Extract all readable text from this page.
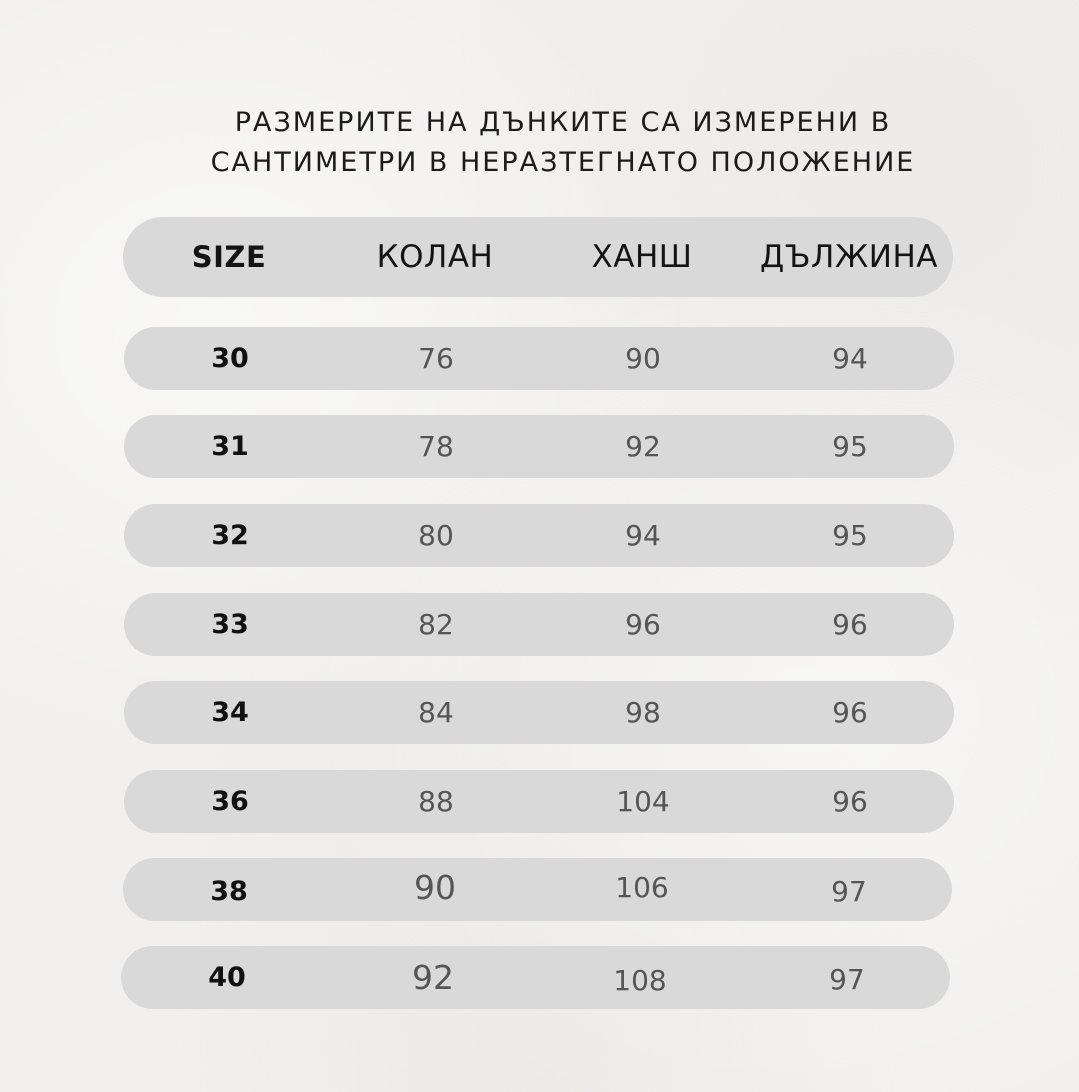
РАЗМЕРИТЕ НА ДЪНКИТЕ СА ИЗМЕРЕНИ В
САНТИМЕТРИ В НЕРАЗТЕГНАТО ПОЛОЖЕНИЕ
SIZE	КОЛАН	ХАНШ	ДЪЛЖИНА
30	76	90	94
31	78	92	95
32	80	94	95
33	82	96	96
34	84	98	96
36	88	104	96
38	90	106	97
40	92	108	97
